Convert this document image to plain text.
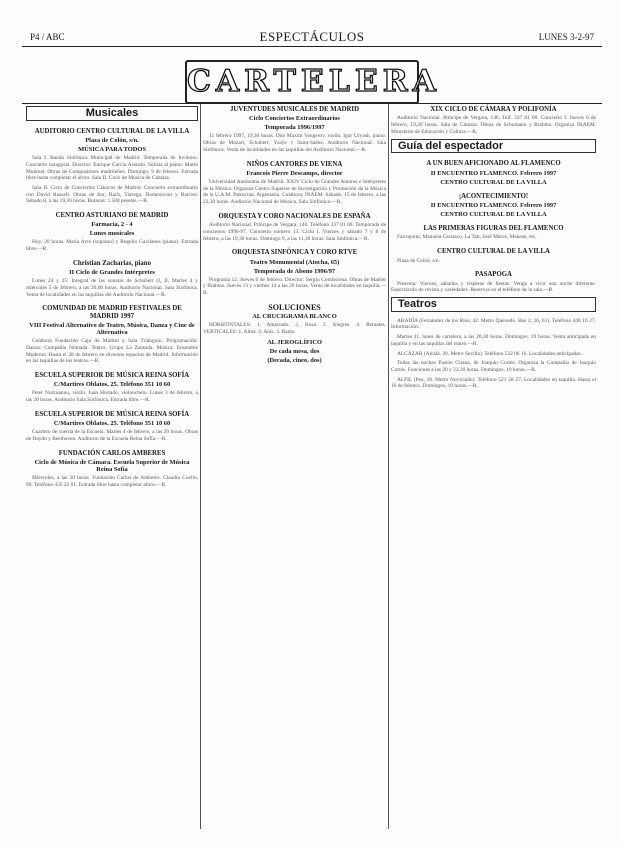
P4 / ABC	ESPECTÁCULOS	LUNES 3-2-97
CARTELERA
Musicales
AUDITORIO CENTRO CULTURAL DE LA VILLA
Plaza de Colón, s/n.
MÚSICA PARA TODOS

Sala I. Banda Sinfónica Municipal de Madrid. Temporada de Invierno. Concierto inaugural. Director: Enrique García Asensio. Solista al piano: Mario Monreal. Obras de Compositores madrileños. Domingo, 9 de febrero. Entrada libre hasta completar el aforo. Sala II. Ciclo de Música de Cámara.

Sala II. Ciclo de Conciertos Clásicos de Madrid. Concierto extraordinario con David Russell. Obras de Sor, Bach, Tárrega, Domeniconi y Barrios. Sábado 8, a las 19,30 horas. Butacas: 1.500 pesetas.—R.

CENTRO ASTURIANO DE MADRID
Farmacia, 2 - 4
Lunes musicales

Hoy, 20 horas. María Arce (soprano) y Rogelio Gavilanes (piano). Entrada libre.—R.

Christian Zacharias, piano
II Ciclo de Grandes Intérpretes

Lunes 24 y 25: Integral de las sonatas de Schubert (I, II, Martes 4 y miércoles 5 de febrero, a las 20,00 horas. Auditorio Nacional. Sala Sinfónica. Venta de localidades en las taquillas del Auditorio Nacional.—R.

COMUNIDAD DE MADRID FESTIVALES DE MADRID 1997
VIII Festival Alternativo de Teatro, Música, Danza y Cine de Alternativa

Colabora Fundación Caja de Madrid y Sala Triángulo. Programación: Danza: Compañía Nómada. Teatro: Grupo La Zaranda. Música: Ensemble Moderno. Hasta el 28 de febrero en diversos espacios de Madrid. Información en las taquillas de los teatros.—R.

ESCUELA SUPERIOR DE MÚSICA REINA SOFÍA
C/Martires Oblatos, 25. Teléfono 351 10 60

Peter Nurzuanuu, violín. Juan Hurtado, violonchelo. Lunes 3 de febrero, a las 20 horas. Auditorio Sala Sinfónica. Entrada libre.—R.

ESCUELA SUPERIOR DE MÚSICA REINA SOFÍA
C/Martires Oblatos, 25. Teléfono 351 10 60

Cuarteto de cuerda de la Escuela. Martes 4 de febrero, a las 20 horas. Obras de Haydn y Beethoven. Auditorio de la Escuela Reina Sofía.—R.

FUNDACIÓN CARLOS AMBERES
Ciclo de Música de Cámara. Escuela Superior de Música Reina Sofía

Miércoles, a las 20 horas. Fundación Carlos de Amberes. Claudio Coello, 99. Teléfono 435 22 01. Entrada libre hasta completar aforo.—R.

JUVENTUDES MUSICALES DE MADRID
Ciclo Conciertos Extraordinarios
Temporada 1996/1997

11 febrero 1997, 19,30 horas. Dúo Maxim Vengerov, violín. Igor Uryash, piano. Obras de Mozart, Schubert, Ysaÿe y Saint-Saëns. Auditorio Nacional. Sala Sinfónica. Venta de localidades en las taquillas del Auditorio Nacional.—R.

NIÑOS CANTORES DE VIENA
Francois Pierre Descamps, director

Universidad Autónoma de Madrid. XXIV Ciclo de Grandes Autores e Intérpretes de la Música. Organiza Centro Superior de Investigación y Promoción de la Música de la U.A.M. Patrocina: Argentaria. Colabora: INAEM. Sábado, 15 de febrero, a las 22,30 horas. Auditorio Nacional de Música. Sala Sinfónica.—R.

ORQUESTA Y CORO NACIONALES DE ESPAÑA

Auditorio Nacional. Príncipe de Vergara, 146. Teléfono 337 01 00. Temporada de conciertos 1996-97. Concierto número 13. Ciclo I. Viernes y sábado 7 y 8 de febrero, a las 19,30 horas. Domingo 9, a las 11,30 horas. Sala Sinfónica.—R.

ORQUESTA SINFÓNICA Y CORO RTVE
Teatro Monumental (Atocha, 65)
Temporada de Abono 1996/97

Programa 12. Jueves 6 de febrero. Director: Sergiu Comissiona. Obras de Mahler y Brahms. Jueves 13 y viernes 14 a las 20 horas. Venta de localidades en taquilla.—R.

SOLUCIONES
AL CRUCIGRAMA BLANCO

HORIZONTALES: 1. Amarrado. 2. Rosa. 3. Alegres. 4. Remates. VERTICALES: 1. Alma. 2. Anís. 3. Ramo.

AL JEROGLÍFICO
De cada mesa, dos
(Decada, cineo, dos)
XIX CICLO DE CÁMARA Y POLIFONÍA

Auditorio Nacional. Príncipe de Vergara, 146. Telf. 337 01 00. Concierto I. Jueves 6 de febrero, 19,30 horas. Sala de Cámara. Obras de Schumann y Brahms. Organiza INAEM. Ministerio de Educación y Cultura.—R.

Guía del espectador
A UN BUEN AFICIONADO AL FLAMENCO
II ENCUENTRO FLAMENCO. Febrero 1997
CENTRO CULTURAL DE LA VILLA
¡ACONTECIMIENTO!
II ENCUENTRO FLAMENCO. Febrero 1997
CENTRO CULTURAL DE LA VILLA
LAS PRIMERAS FIGURAS DEL FLAMENCO

Farruquito, Manuela Carrasco, La Tati, José Mercé, Menese, etc.

CENTRO CULTURAL DE LA VILLA

Plaza de Colón, s/n.

PASAPOGA

Presenta: Viernes, sábados y vísperas de fiestas. Venga a vivir una noche diferente. Espectáculo de revista y variedades. Reservas en el teléfono de la sala.—R.

Teatros

ABADÍA (Fernández de los Ríos, 42. Metro Quevedo. Bus 2, 16, 61). Teléfono 448 16 27. Información.

Martes 11, lunes de cartelera, a las 20,30 horas. Domingos, 19 horas. Venta anticipada en taquilla y en las taquillas del teatro.—R.

ALCÁZAR (Alcalá, 20. Metro Sevilla). Teléfono 532 06 16. Localidades anticipadas.

Todas las noches Pasión Gitana, de Joaquín Cortés. Organiza la Compañía de Joaquín Cortés. Funciones a las 20 y 22,30 horas. Domingos, 19 horas.—R.

ALFIL (Pez, 10. Metro Noviciado). Teléfono 521 58 27. Localidades en taquilla. Hasta el 16 de febrero. Domingos, 19 horas.—R.
